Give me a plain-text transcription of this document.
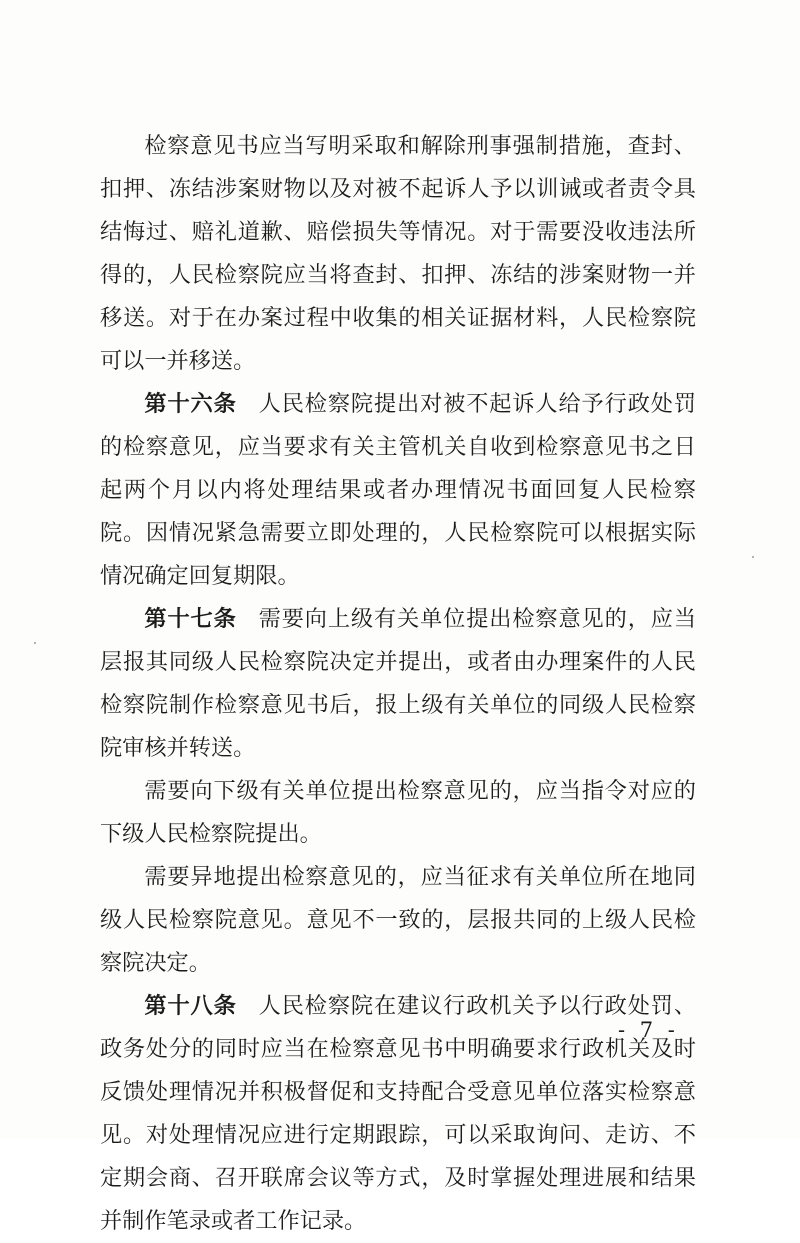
检察意见书应当写明采取和解除刑事强制措施，查封、扣押、冻结涉案财物以及对被不起诉人予以训诫或者责令具结悔过、赔礼道歉、赔偿损失等情况。对于需要没收违法所得的，人民检察院应当将查封、扣押、冻结的涉案财物一并移送。对于在办案过程中收集的相关证据材料，人民检察院可以一并移送。

第十六条 人民检察院提出对被不起诉人给予行政处罚的检察意见，应当要求有关主管机关自收到检察意见书之日起两个月以内将处理结果或者办理情况书面回复人民检察院。因情况紧急需要立即处理的，人民检察院可以根据实际情况确定回复期限。

第十七条 需要向上级有关单位提出检察意见的，应当层报其同级人民检察院决定并提出，或者由办理案件的人民检察院制作检察意见书后，报上级有关单位的同级人民检察院审核并转送。

需要向下级有关单位提出检察意见的，应当指令对应的下级人民检察院提出。

需要异地提出检察意见的，应当征求有关单位所在地同级人民检察院意见。意见不一致的，层报共同的上级人民检察院决定。

第十八条 人民检察院在建议行政机关予以行政处罚、政务处分的同时应当在检察意见书中明确要求行政机关及时反馈处理情况并积极督促和支持配合受意见单位落实检察意见。对处理情况应进行定期跟踪，可以采取询问、走访、不定期会商、召开联席会议等方式，及时掌握处理进展和结果并制作笔录或者工作记录。

- 7 -
